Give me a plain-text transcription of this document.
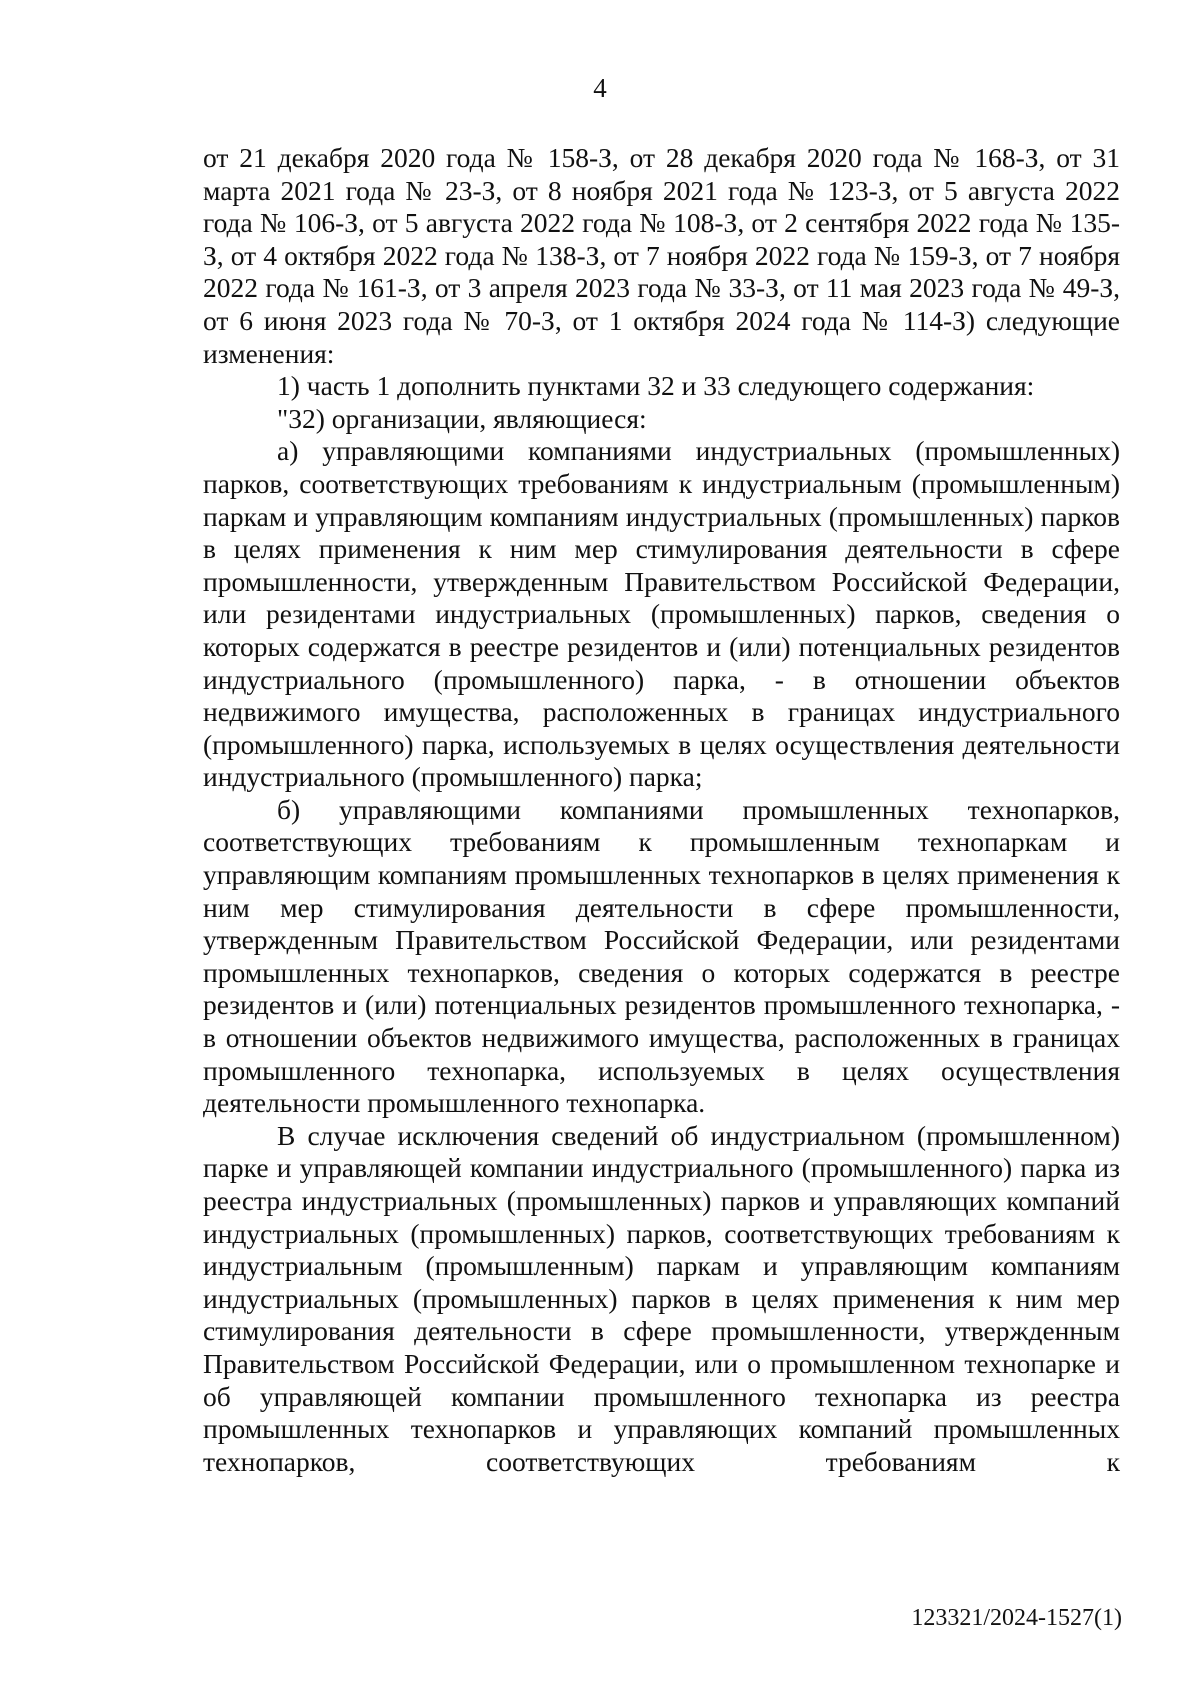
4

от 21 декабря 2020 года № 158-З, от 28 декабря 2020 года № 168-З, от 31 марта 2021 года № 23-З, от 8 ноября 2021 года № 123-З, от 5 августа 2022 года № 106-З, от 5 августа 2022 года № 108-З, от 2 сентября 2022 года № 135-З, от 4 октября 2022 года № 138-З, от 7 ноября 2022 года № 159-З, от 7 ноября 2022 года № 161-З, от 3 апреля 2023 года № 33-З, от 11 мая 2023 года № 49-З, от 6 июня 2023 года № 70-З, от 1 октября 2024 года № 114-З) следующие изменения:

1) часть 1 дополнить пунктами 32 и 33 следующего содержания:

"32) организации, являющиеся:

а) управляющими компаниями индустриальных (промышленных) парков, соответствующих требованиям к индустриальным (промышленным) паркам и управляющим компаниям индустриальных (промышленных) парков в целях применения к ним мер стимулирования деятельности в сфере промышленности, утвержденным Правительством Российской Федерации, или резидентами индустриальных (промышленных) парков, сведения о которых содержатся в реестре резидентов и (или) потенциальных резидентов индустриального (промышленного) парка, - в отношении объектов недвижимого имущества, расположенных в границах индустриального (промышленного) парка, используемых в целях осуществления деятельности индустриального (промышленного) парка;

б) управляющими компаниями промышленных технопарков, соответствующих требованиям к промышленным технопаркам и управляющим компаниям промышленных технопарков в целях применения к ним мер стимулирования деятельности в сфере промышленности, утвержденным Правительством Российской Федерации, или резидентами промышленных технопарков, сведения о которых содержатся в реестре резидентов и (или) потенциальных резидентов промышленного технопарка, - в отношении объектов недвижимого имущества, расположенных в границах промышленного технопарка, используемых в целях осуществления деятельности промышленного технопарка.

В случае исключения сведений об индустриальном (промышленном) парке и управляющей компании индустриального (промышленного) парка из реестра индустриальных (промышленных) парков и управляющих компаний индустриальных (промышленных) парков, соответствующих требованиям к индустриальным (промышленным) паркам и управляющим компаниям индустриальных (промышленных) парков в целях применения к ним мер стимулирования деятельности в сфере промышленности, утвержденным Правительством Российской Федерации, или о промышленном технопарке и об управляющей компании промышленного технопарка из реестра промышленных технопарков и управляющих компаний промышленных технопарков, соответствующих требованиям к

123321/2024-1527(1)
